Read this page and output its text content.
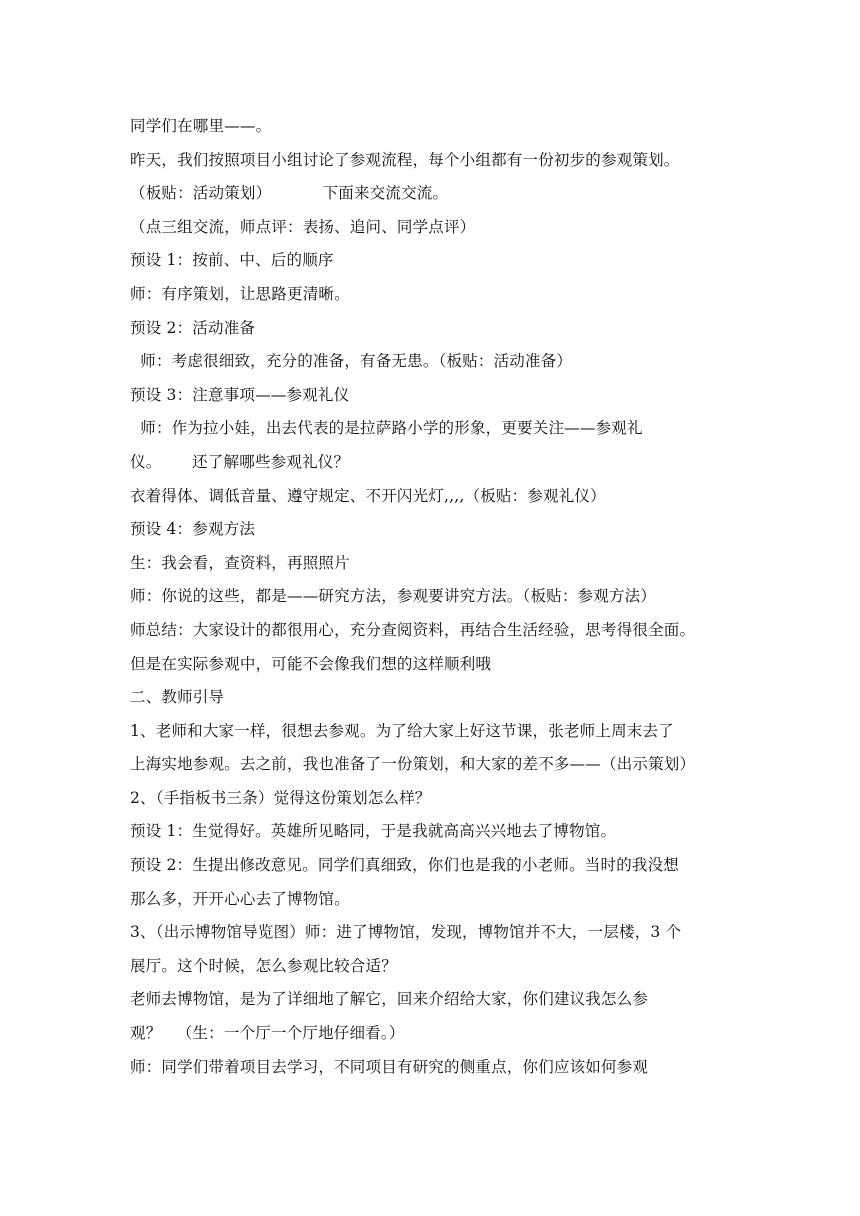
同学们在哪里——。
昨天，我们按照项目小组讨论了参观流程，每个小组都有一份初步的参观策划。
（板贴：活动策划）          下面来交流交流。
（点三组交流，师点评：表扬、追问、同学点评）
预设 1：按前、中、后的顺序
师：有序策划，让思路更清晰。
预设 2：活动准备
师：考虑很细致，充分的准备，有备无患。（板贴：活动准备）
预设 3：注意事项——参观礼仪
师：作为拉小娃，出去代表的是拉萨路小学的形象，更要关注——参观礼
仪。      还了解哪些参观礼仪？
衣着得体、调低音量、遵守规定、不开闪光灯,,,,（板贴：参观礼仪）
预设 4：参观方法
生：我会看，查资料，再照照片
师：你说的这些，都是——研究方法，参观要讲究方法。（板贴：参观方法）
师总结：大家设计的都很用心，充分查阅资料，再结合生活经验，思考得很全面。
但是在实际参观中，可能不会像我们想的这样顺利哦
二、教师引导
1、老师和大家一样，很想去参观。为了给大家上好这节课，张老师上周末去了
上海实地参观。去之前，我也准备了一份策划，和大家的差不多——（出示策划）
2、（手指板书三条）觉得这份策划怎么样？
预设 1：生觉得好。英雄所见略同，于是我就高高兴兴地去了博物馆。
预设 2：生提出修改意见。同学们真细致，你们也是我的小老师。当时的我没想
那么多，开开心心去了博物馆。
3、（出示博物馆导览图）师：进了博物馆，发现，博物馆并不大，一层楼，3 个
展厅。这个时候，怎么参观比较合适？
老师去博物馆，是为了详细地了解它，回来介绍给大家，你们建议我怎么参
观？   （生：一个厅一个厅地仔细看。）
师：同学们带着项目去学习，不同项目有研究的侧重点，你们应该如何参观
